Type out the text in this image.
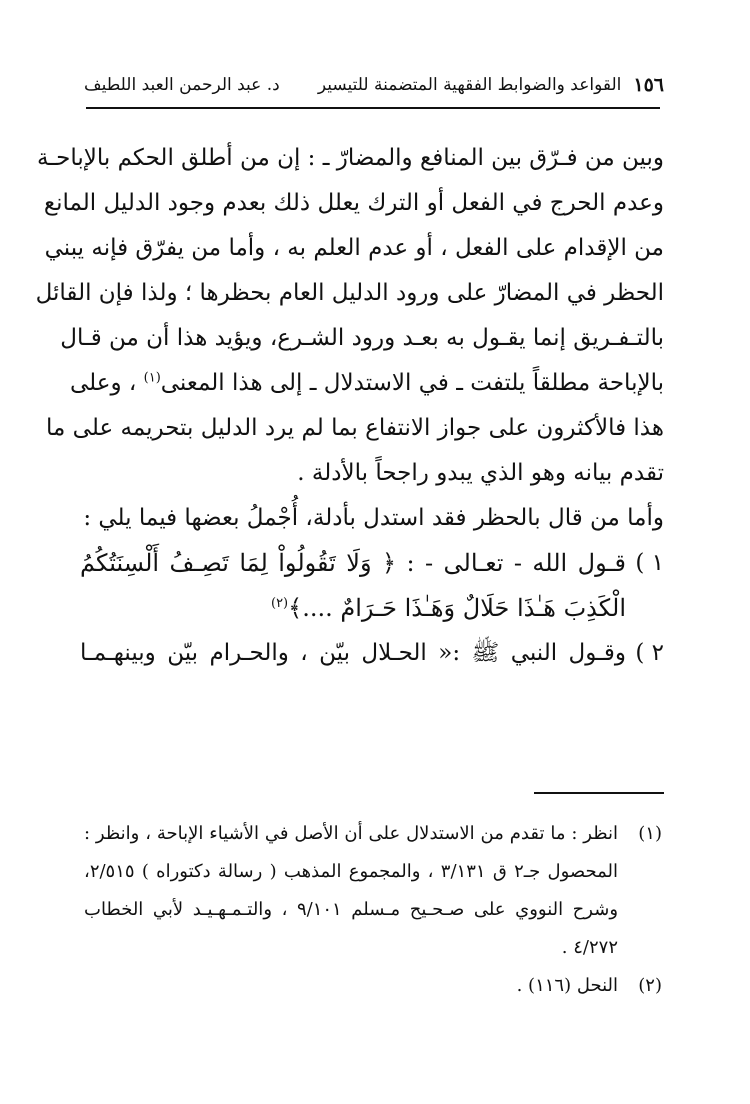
١٥٦
القواعد والضوابط الفقهية المتضمنة للتيسير
د. عبد الرحمن العبد اللطيف

وبين من فـرّق بين المنافع والمضارّ ـ : إن من أطلق الحكم بالإباحـة
وعدم الحرج في الفعل أو الترك يعلل ذلك بعدم وجود الدليل المانع
من الإقدام على الفعل ، أو عدم العلم به ، وأما من يفرّق فإنه يبني
الحظر في المضارّ على ورود الدليل العام بحظرها ؛ ولذا فإن القائل
بالتـفـريق إنما يقـول به بعـد ورود الشـرع، ويؤيد هذا أن من قـال
بالإباحة مطلقاً يلتفت ـ في الاستدلال ـ إلى هذا المعنى$^{(١)}$ ، وعلى
هذا فالأكثرون على جواز الانتفاع بما لم يرد الدليل بتحريمه على ما
تقدم بيانه وهو الذي يبدو راجحاً بالأدلة .

وأما من قال بالحظر فقد استدل بأدلة، أُجْملُ بعضها فيما يلي :

١ )
قـول الله - تعـالى - : ﴿ وَلَا تَقُولُواْ لِمَا تَصِـفُ أَلْسِنَتُكُمُ
الْكَذِبَ هَـٰذَا حَلَالٌ وَهَـٰذَا حَـرَامٌ ....﴾$^{(٢)}$
٢ )
وقـول النبي ﷺ :« الحـلال بيّن ، والحـرام بيّن وبينهـمـا
(١)
انظر : ما تقدم من الاستدلال على أن الأصل في الأشياء الإباحة ، وانظر :
المحصول جـ٢ ق ٣/١٣١ ، والمجموع المذهب ( رسالة دكتوراه ) ٢/٥١٥،
وشرح النووي على صـحـيح مـسلم ٩/١٠١ ، والتـمـهـيـد لأبي الخطاب
٤/٢٧٢ .
(٢)
النحل (١١٦) .
